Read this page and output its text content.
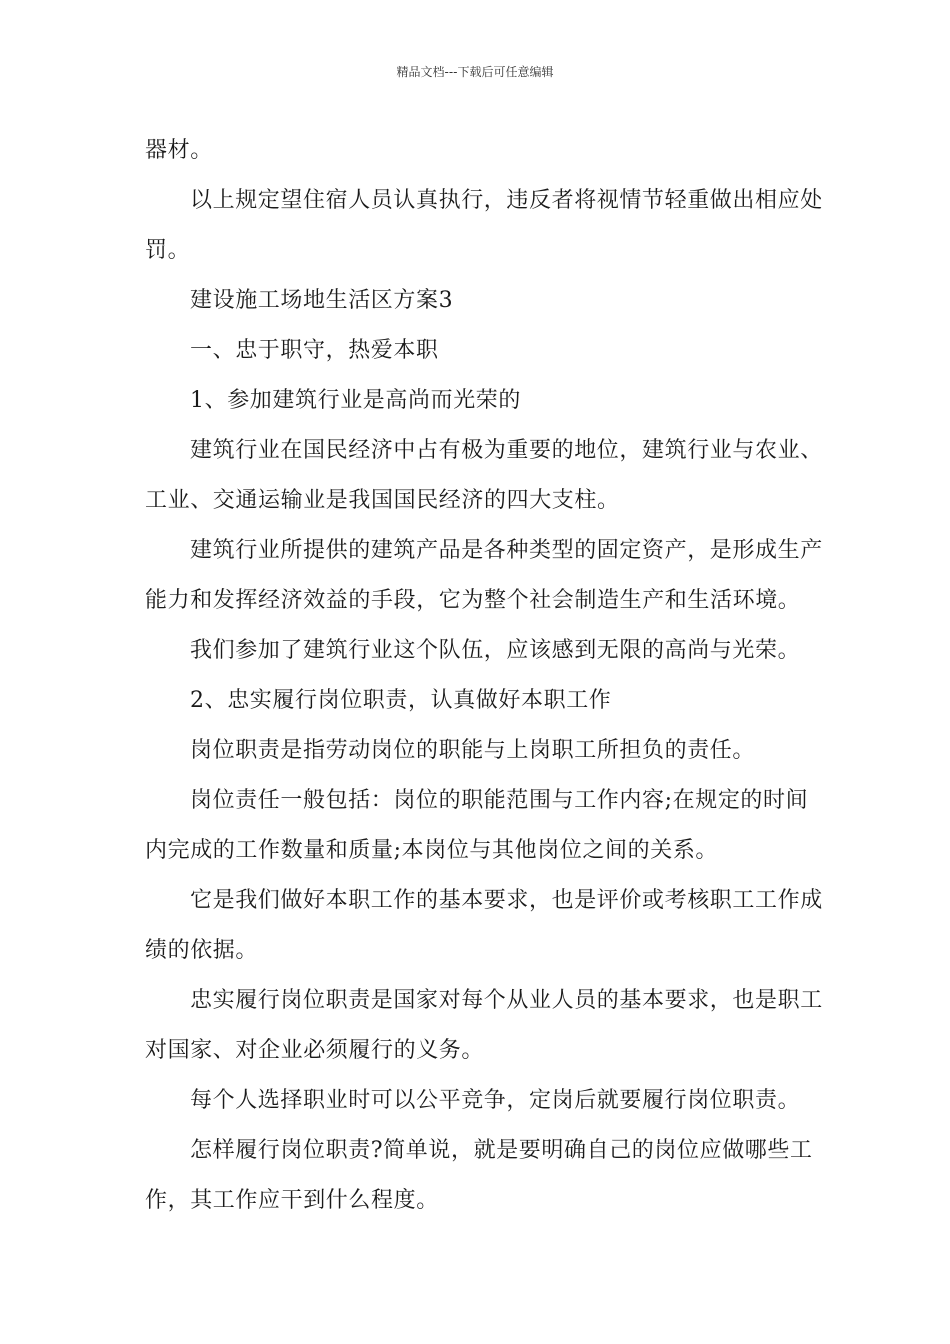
精品文档---下载后可任意编辑

器材。

以上规定望住宿人员认真执行，违反者将视情节轻重做出相应处罚。

建设施工场地生活区方案3

一、忠于职守，热爱本职

1、参加建筑行业是高尚而光荣的

建筑行业在国民经济中占有极为重要的地位，建筑行业与农业、工业、交通运输业是我国国民经济的四大支柱。

建筑行业所提供的建筑产品是各种类型的固定资产，是形成生产能力和发挥经济效益的手段，它为整个社会制造生产和生活环境。

我们参加了建筑行业这个队伍，应该感到无限的高尚与光荣。

2、忠实履行岗位职责，认真做好本职工作

岗位职责是指劳动岗位的职能与上岗职工所担负的责任。

岗位责任一般包括：岗位的职能范围与工作内容;在规定的时间内完成的工作数量和质量;本岗位与其他岗位之间的关系。

它是我们做好本职工作的基本要求，也是评价或考核职工工作成绩的依据。

忠实履行岗位职责是国家对每个从业人员的基本要求，也是职工对国家、对企业必须履行的义务。

每个人选择职业时可以公平竞争，定岗后就要履行岗位职责。

怎样履行岗位职责?简单说，就是要明确自己的岗位应做哪些工作，其工作应干到什么程度。
